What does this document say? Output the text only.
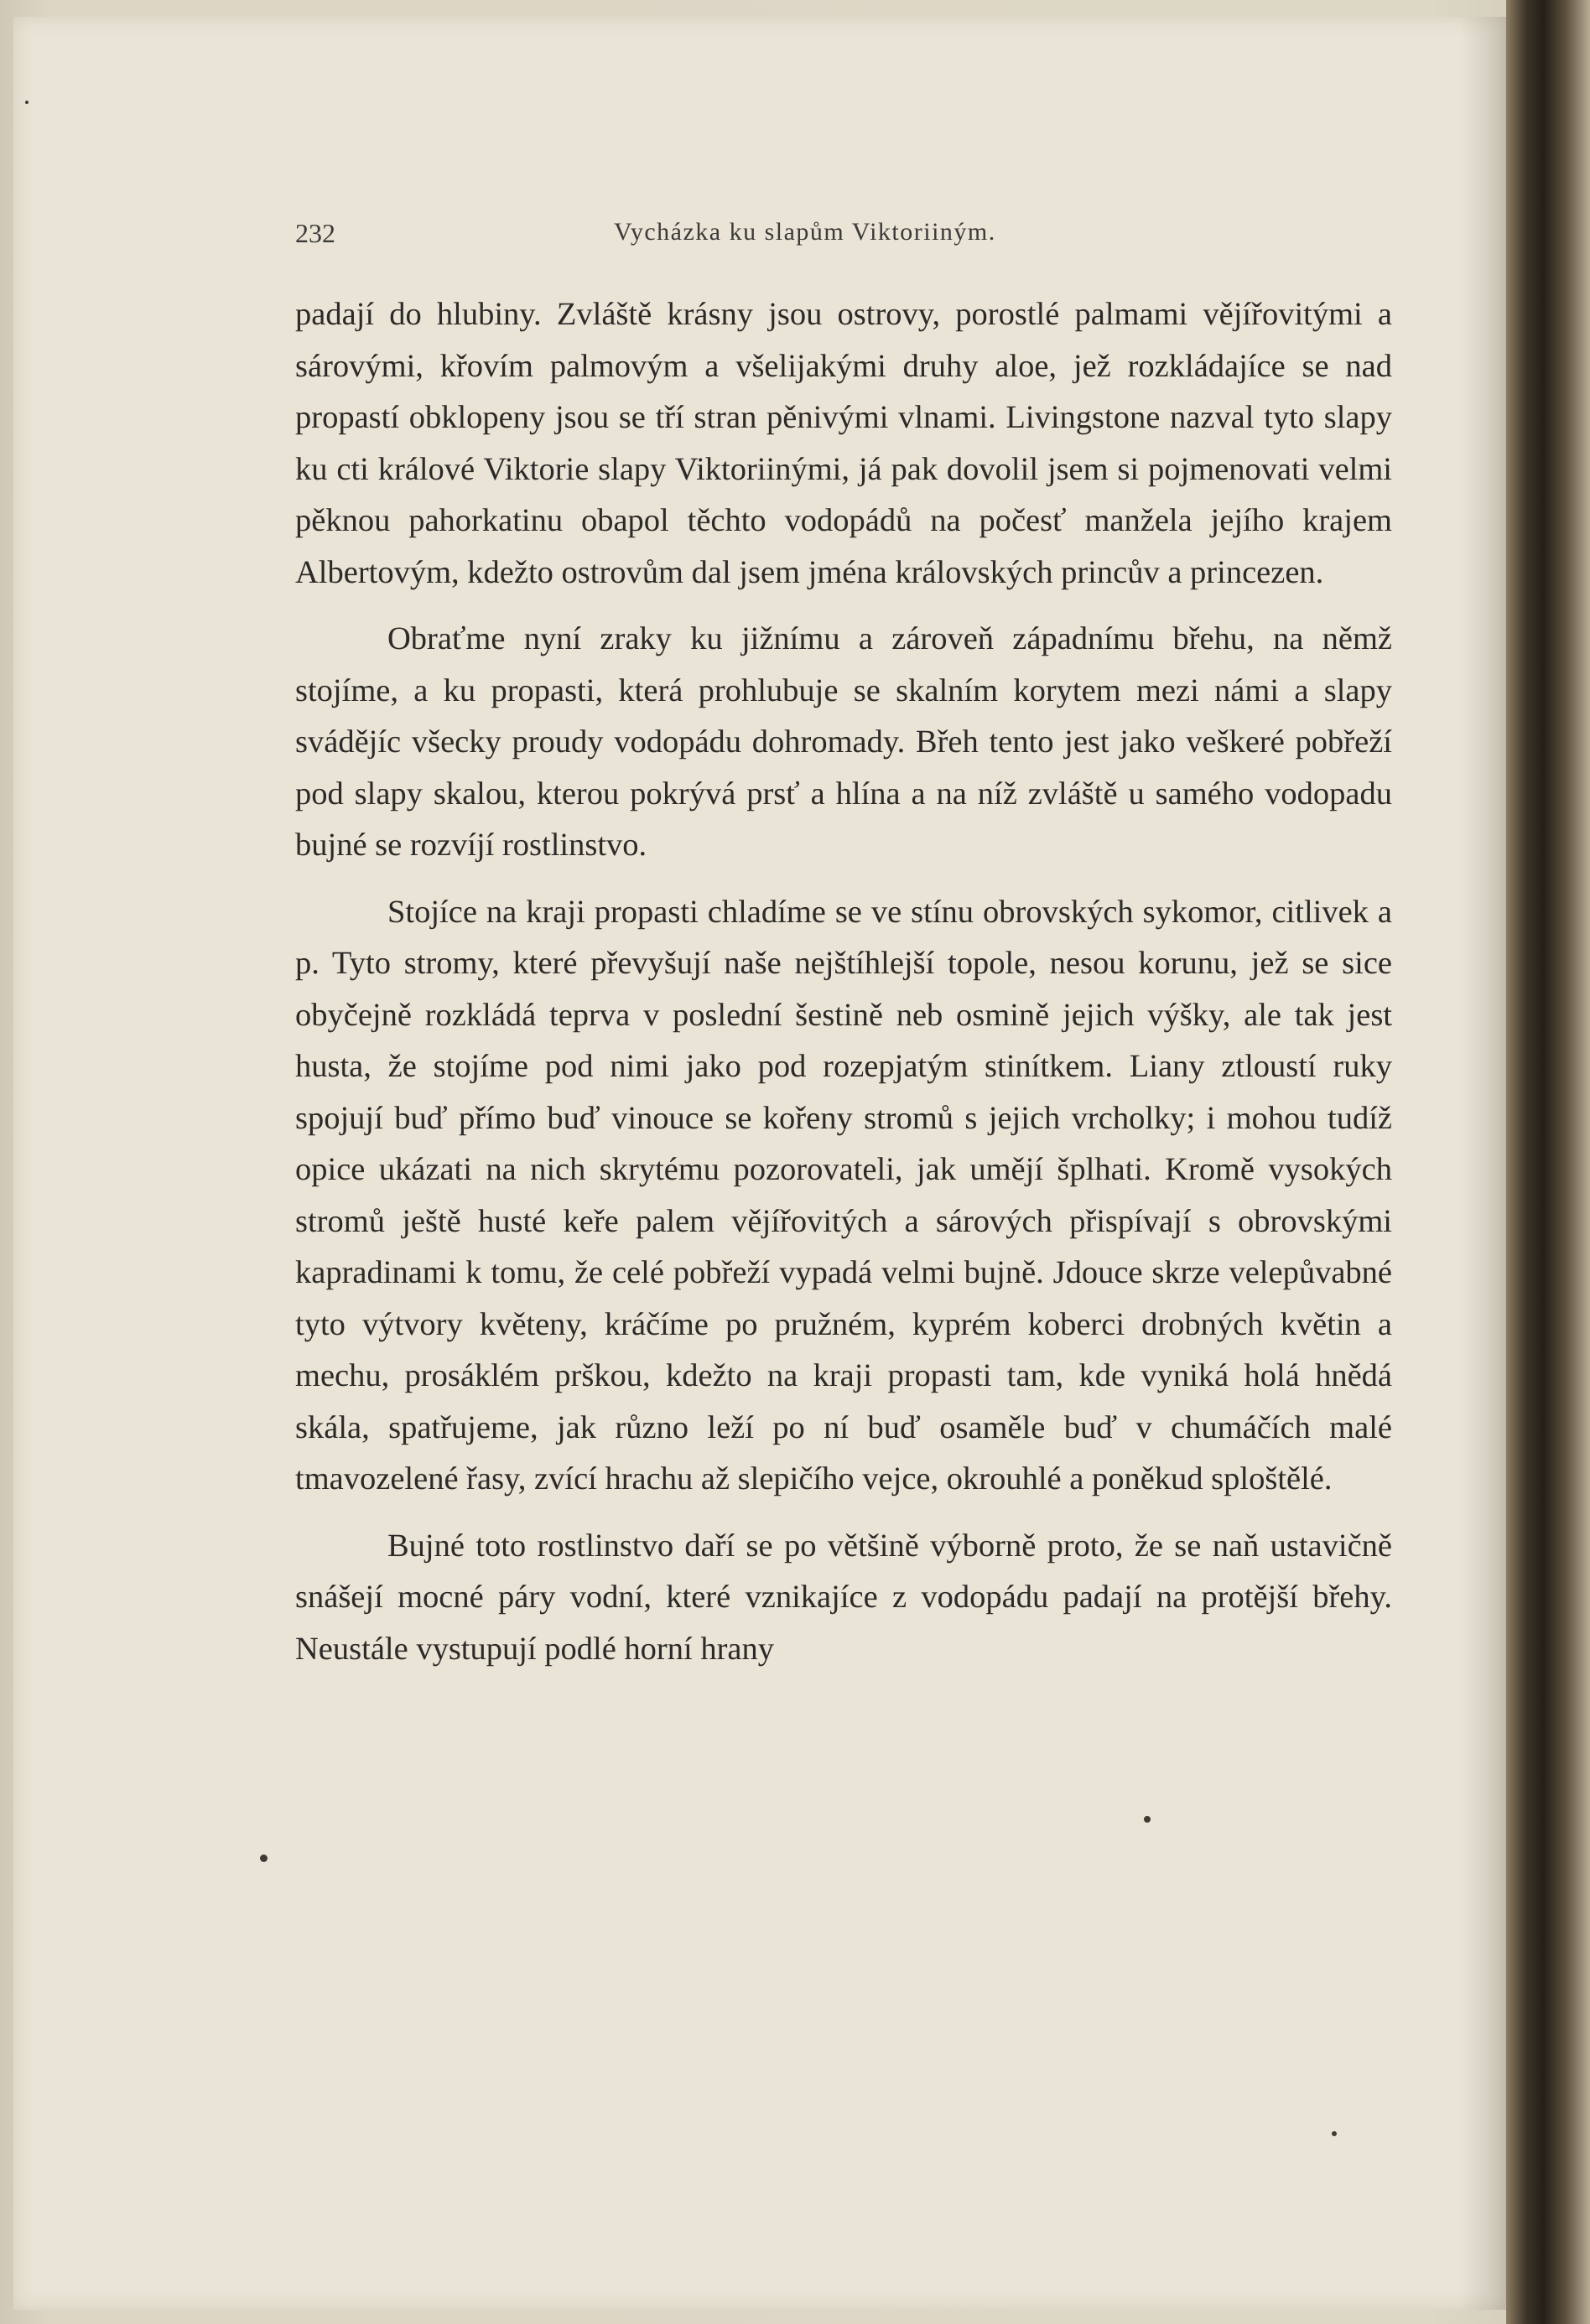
232	Vycházka ku slapům Viktoriiným.

padají do hlubiny. Zvláště krásny jsou ostrovy, porostlé palmami vějířovitými a sárovými, křovím palmovým a všelijakými druhy aloe, jež rozkládajíce se nad propastí obklopeny jsou se tří stran pěnivými vlnami. Livingstone nazval tyto slapy ku cti králové Viktorie slapy Viktoriinými, já pak dovolil jsem si pojmenovati velmi pěknou pahorkatinu obapol těchto vodopádů na počesť manžela jejího krajem Albertovým, kdežto ostrovům dal jsem jména královských princův a princezen.

Obraťme nyní zraky ku jižnímu a zároveň západnímu břehu, na němž stojíme, a ku propasti, která prohlubuje se skalním korytem mezi námi a slapy svádějíc všecky proudy vodopádu dohromady. Břeh tento jest jako veškeré pobřeží pod slapy skalou, kterou pokrývá prsť a hlína a na níž zvláště u samého vodopadu bujné se rozvíjí rostlinstvo.

Stojíce na kraji propasti chladíme se ve stínu obrovských sykomor, citlivek a p. Tyto stromy, které převyšují naše nejštíhlejší topole, nesou korunu, jež se sice obyčejně rozkládá teprva v poslední šestině neb osmině jejich výšky, ale tak jest husta, že stojíme pod nimi jako pod rozepjatým stinítkem. Liany ztloustí ruky spojují buď přímo buď vinouce se kořeny stromů s jejich vrcholky; i mohou tudíž opice ukázati na nich skrytému pozorovateli, jak umějí šplhati. Kromě vysokých stromů ještě husté keře palem vějířovitých a sárových přispívají s obrovskými kapradinami k tomu, že celé pobřeží vypadá velmi bujně. Jdouce skrze velepůvabné tyto výtvory květeny, kráčíme po pružném, kyprém koberci drobných květin a mechu, prosáklém prškou, kdežto na kraji propasti tam, kde vyniká holá hnědá skála, spatřujeme, jak různo leží po ní buď osaměle buď v chumáčích malé tmavozelené řasy, zvící hrachu až slepičího vejce, okrouhlé a poněkud sploštělé.

Bujné toto rostlinstvo daří se po většině výborně proto, že se naň ustavičně snášejí mocné páry vodní, které vznikajíce z vodopádu padají na protější břehy. Neustále vystupují podlé horní hrany
